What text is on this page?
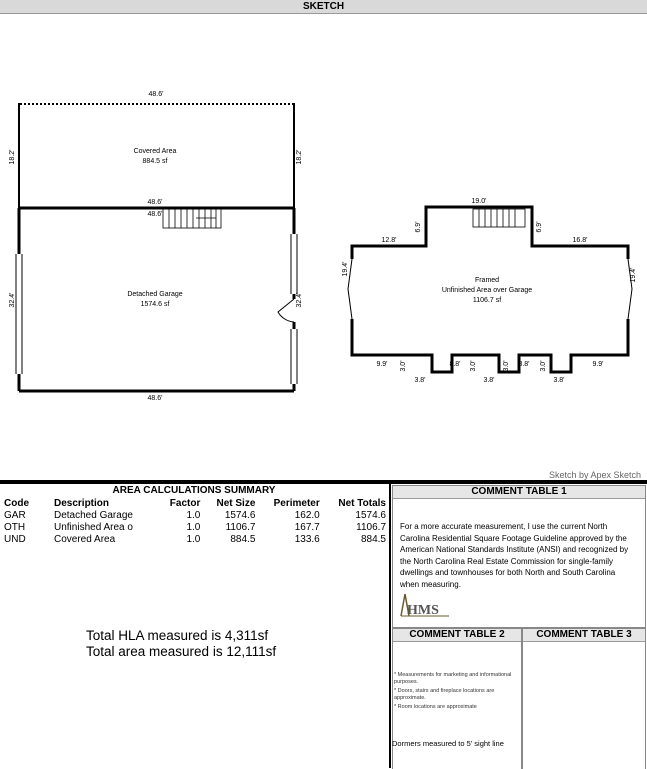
SKETCH
48.6'
Covered Area
884.5 sf
48.6'
48.6'
Detached Garage
1574.6 sf
48.6'
18.2'	18.2'
32.4'	32.4'
19.0'
6.9'	6.9'
12.8'	16.8'
19.4'	19.4'
Framed
Unfinished Area over Garage
1106.7 sf
9.9'	9.9'
3.0'
3.8'
8.8' 3.0'
3.8'
3.0' 8.8' 3.0'
3.8'
Sketch by Apex Sketch
AREA CALCULATIONS SUMMARY
Code	Description	Factor	Net Size	Perimeter	Net Totals
GAR	Detached Garage	1.0	1574.6	162.0	1574.6
OTH	Unfinished Area o	1.0	1106.7	167.7	1106.7
UND	Covered Area	1.0	884.5	133.6	884.5
Total HLA measured is 4,311sf
Total area measured is 12,111sf
COMMENT TABLE 1
For a more accurate measurement, I use the current North Carolina Residential Square Footage Guideline approved by the American National Standards Institute (ANSI) and recognized by the North Carolina Real Estate Commission for single-family dwellings and townhouses for both North and South Carolina when measuring.
HMS
COMMENT TABLE 2
* Measurements for marketing and informational purposes.
* Doors, stairs and fireplace locations are approximate.
* Room locations are approximate
Dormers measured to 5' sight line
COMMENT TABLE 3
